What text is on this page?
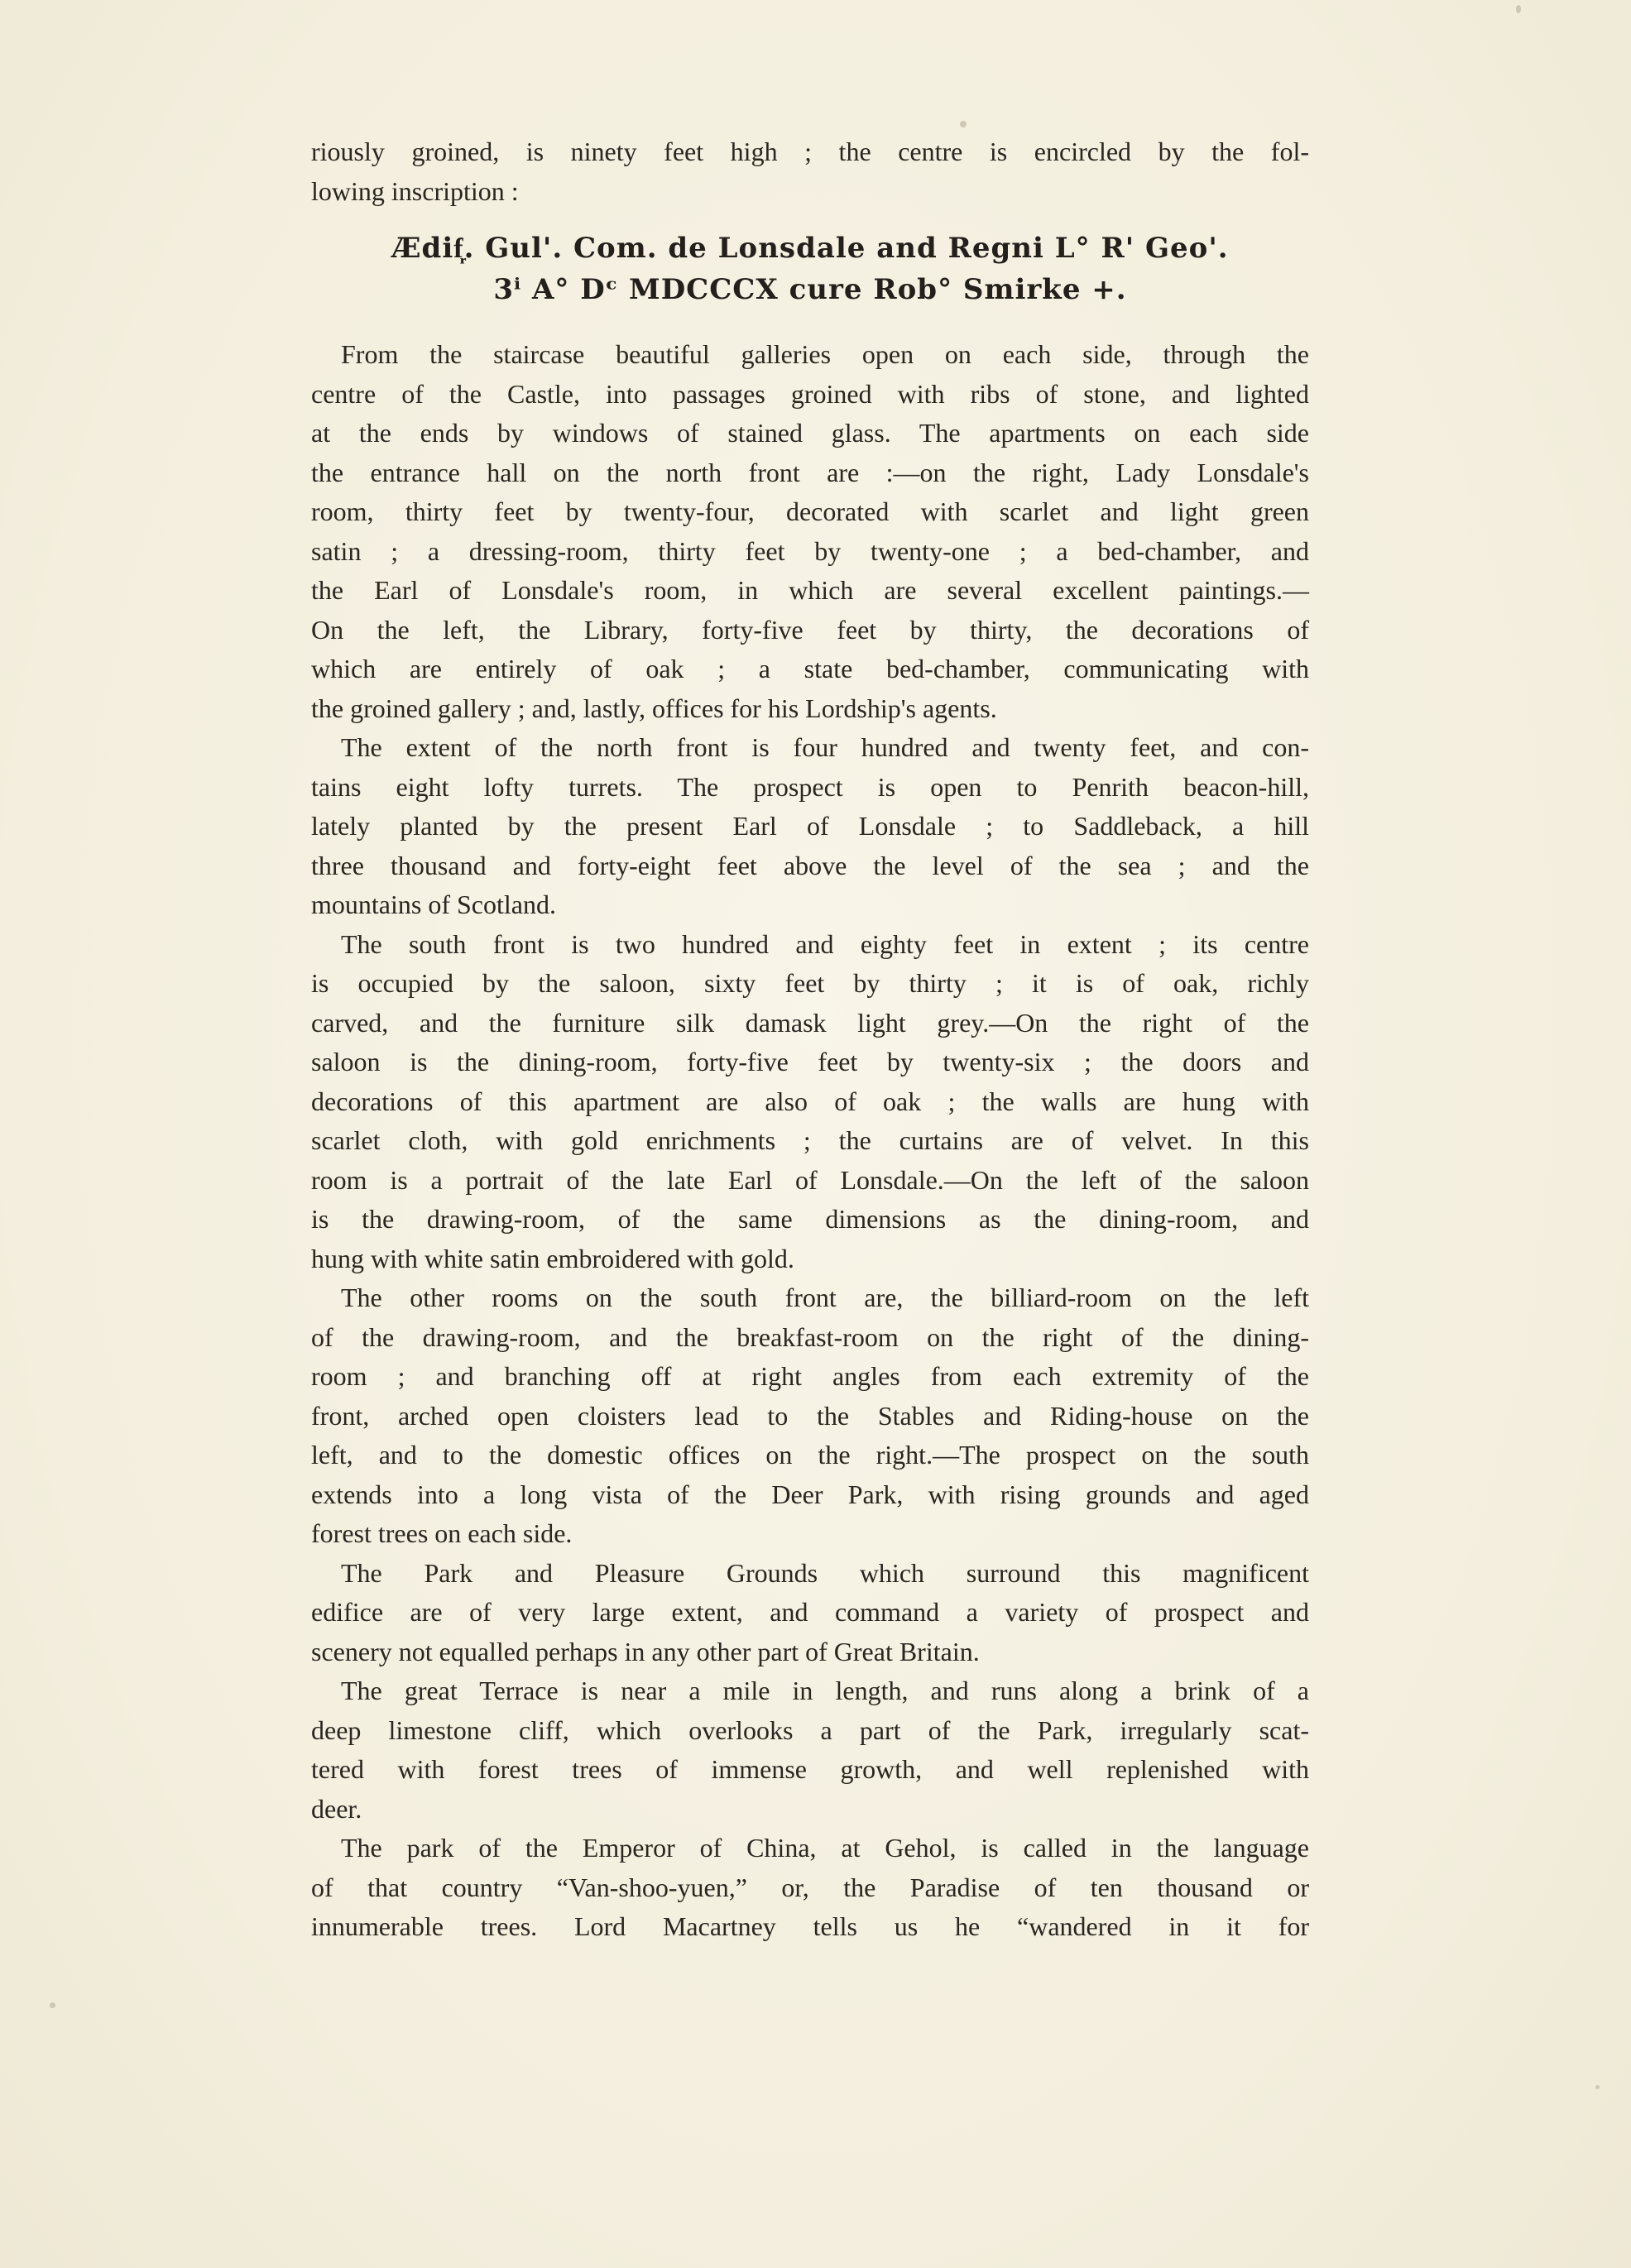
riously groined, is ninety feet high ; the centre is encircled by the fol-
lowing inscription :
Ædif᷊. Gul'. Com. de Lonsdale and Regni L° R' Geo'.
3ⁱ A° Dᶜ MDCCCX cure Rob° Smirke +.
From the staircase beautiful galleries open on each side, through the
centre of the Castle, into passages groined with ribs of stone, and lighted
at the ends by windows of stained glass. The apartments on each side
the entrance hall on the north front are :—on the right, Lady Lonsdale's
room, thirty feet by twenty-four, decorated with scarlet and light green
satin ; a dressing-room, thirty feet by twenty-one ; a bed-chamber, and
the Earl of Lonsdale's room, in which are several excellent paintings.—
On the left, the Library, forty-five feet by thirty, the decorations of
which are entirely of oak ; a state bed-chamber, communicating with
the groined gallery ; and, lastly, offices for his Lordship's agents.
The extent of the north front is four hundred and twenty feet, and con-
tains eight lofty turrets. The prospect is open to Penrith beacon-hill,
lately planted by the present Earl of Lonsdale ; to Saddleback, a hill
three thousand and forty-eight feet above the level of the sea ; and the
mountains of Scotland.
The south front is two hundred and eighty feet in extent ; its centre
is occupied by the saloon, sixty feet by thirty ; it is of oak, richly
carved, and the furniture silk damask light grey.—On the right of the
saloon is the dining-room, forty-five feet by twenty-six ; the doors and
decorations of this apartment are also of oak ; the walls are hung with
scarlet cloth, with gold enrichments ; the curtains are of velvet. In this
room is a portrait of the late Earl of Lonsdale.—On the left of the saloon
is the drawing-room, of the same dimensions as the dining-room, and
hung with white satin embroidered with gold.
The other rooms on the south front are, the billiard-room on the left
of the drawing-room, and the breakfast-room on the right of the dining-
room ; and branching off at right angles from each extremity of the
front, arched open cloisters lead to the Stables and Riding-house on the
left, and to the domestic offices on the right.—The prospect on the south
extends into a long vista of the Deer Park, with rising grounds and aged
forest trees on each side.
The Park and Pleasure Grounds which surround this magnificent
edifice are of very large extent, and command a variety of prospect and
scenery not equalled perhaps in any other part of Great Britain.
The great Terrace is near a mile in length, and runs along a brink of a
deep limestone cliff, which overlooks a part of the Park, irregularly scat-
tered with forest trees of immense growth, and well replenished with
deer.
The park of the Emperor of China, at Gehol, is called in the language
of that country “Van-shoo-yuen,” or, the Paradise of ten thousand or
innumerable trees. Lord Macartney tells us he “wandered in it for
